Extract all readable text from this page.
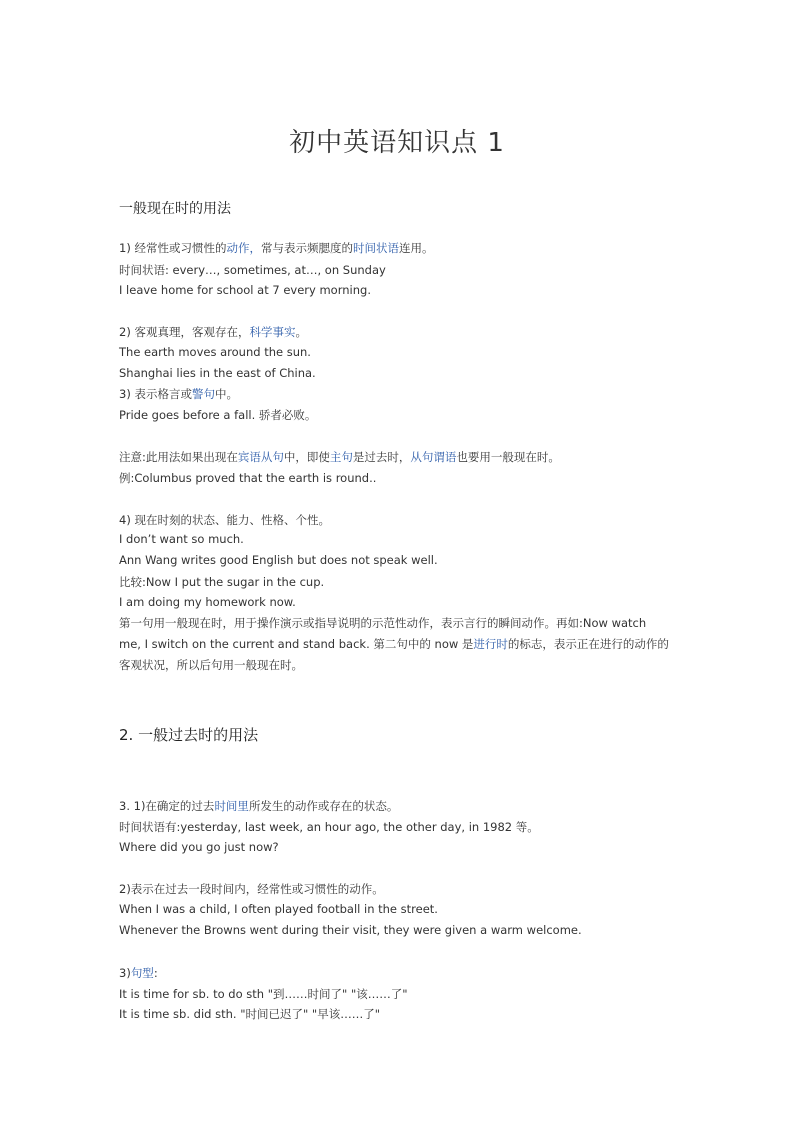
初中英语知识点 1
一般现在时的用法
1) 经常性或习惯性的动作，常与表示频腮度的时间状语连用。
时间状语: every…, sometimes, at…, on Sunday
I leave home for school at 7 every morning.
2) 客观真理，客观存在，科学事实。
The earth moves around the sun.
Shanghai lies in the east of China.
3) 表示格言或警句中。
Pride goes before a fall. 骄者必败。
注意:此用法如果出现在宾语从句中，即使主句是过去时，从句谓语也要用一般现在时。
例:Columbus proved that the earth is round..
4) 现在时刻的状态、能力、性格、个性。
I don’t want so much.
Ann Wang writes good English but does not speak well.
比较:Now I put the sugar in the cup.
I am doing my homework now.
第一句用一般现在时，用于操作演示或指导说明的示范性动作，表示言行的瞬间动作。再如:Now watch
me, I switch on the current and stand back. 第二句中的 now 是进行时的标志，表示正在进行的动作的
客观状况，所以后句用一般现在时。
2. 一般过去时的用法
3. 1)在确定的过去时间里所发生的动作或存在的状态。
时间状语有:yesterday, last week, an hour ago, the other day, in 1982 等。
Where did you go just now?
2)表示在过去一段时间内，经常性或习惯性的动作。
When I was a child, I often played football in the street.
Whenever the Browns went during their visit, they were given a warm welcome.
3)句型:
It is time for sb. to do sth "到……时间了" "该……了"
It is time sb. did sth. "时间已迟了" "早该……了"
